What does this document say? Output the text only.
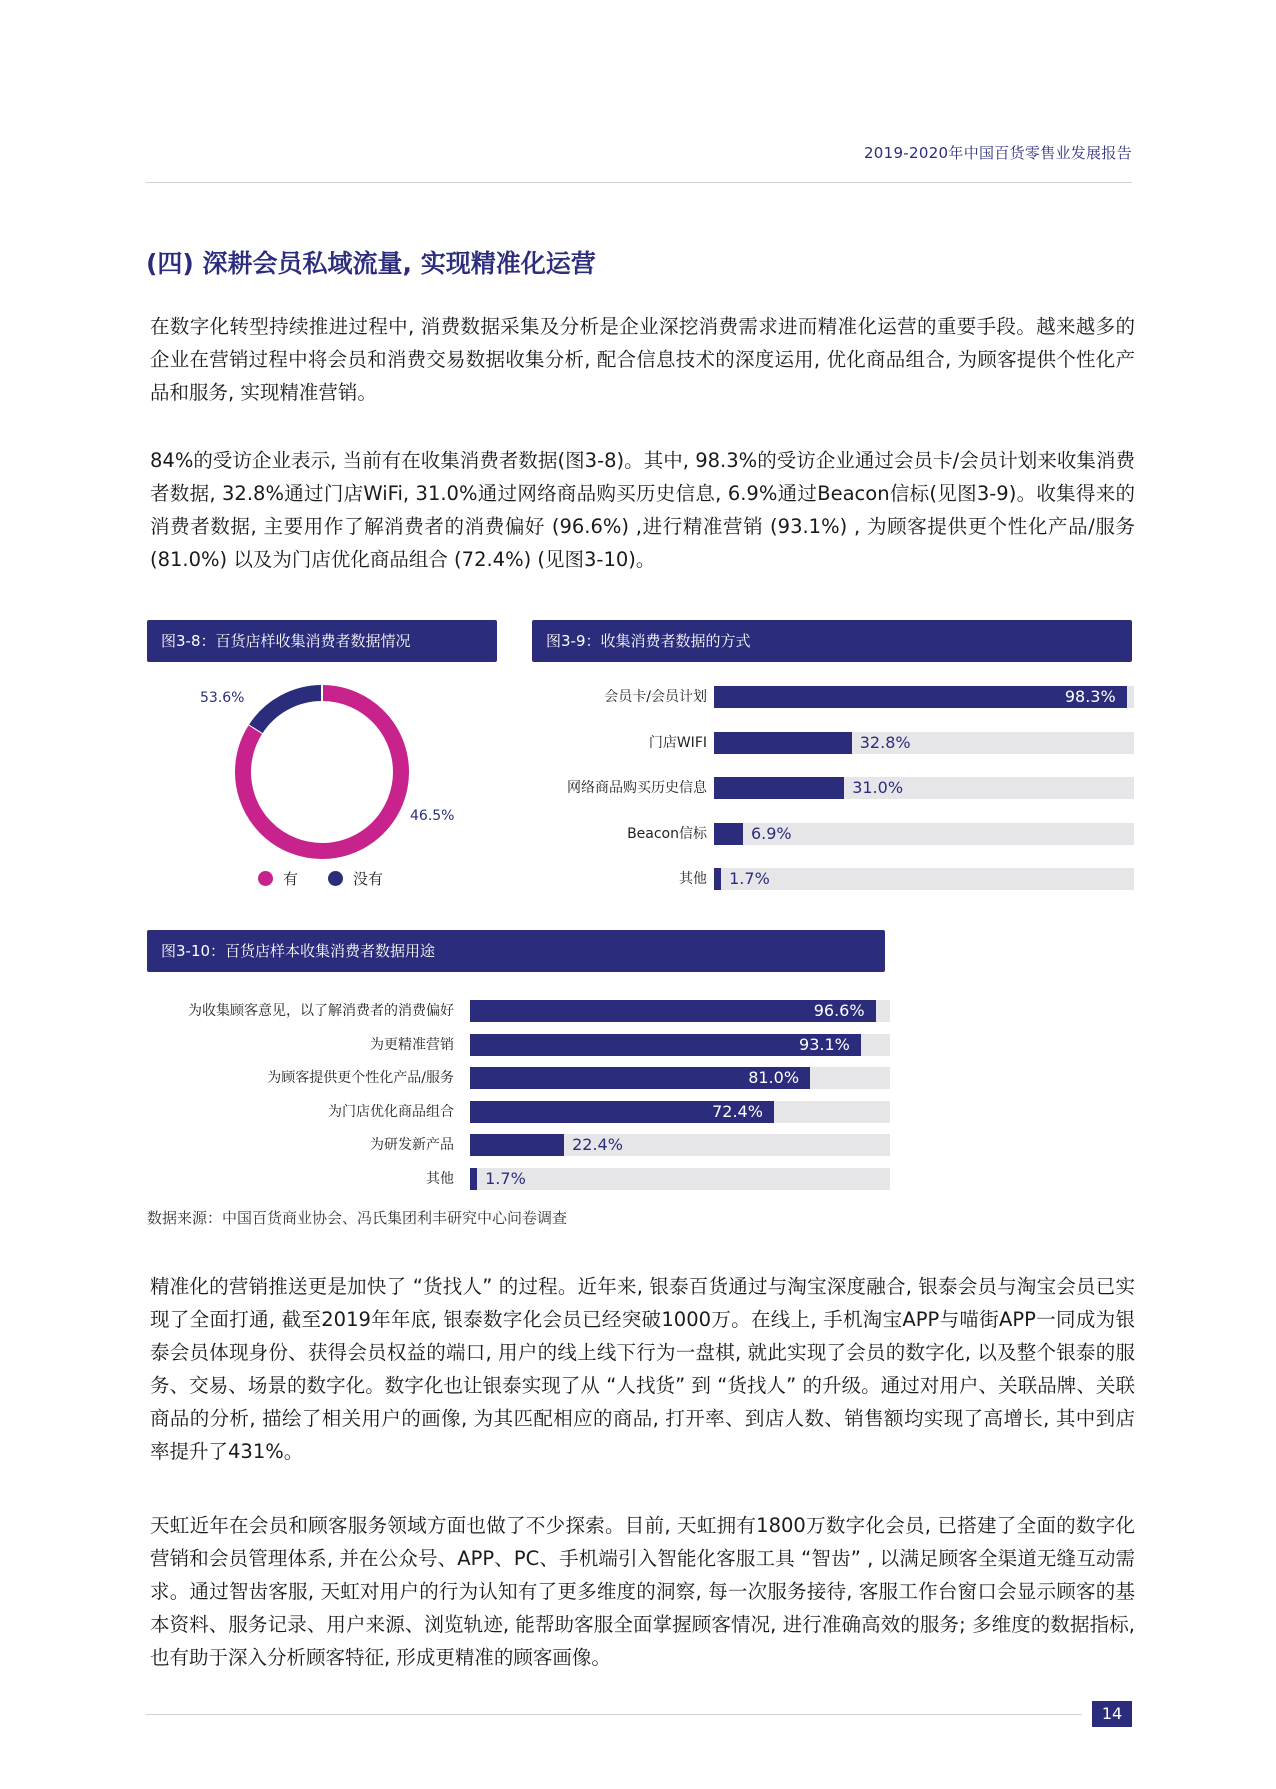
2019-2020年中国百货零售业发展报告
(四) 深耕会员私域流量, 实现精准化运营
在数字化转型持续推进过程中, 消费数据采集及分析是企业深挖消费需求进而精准化运营的重要手段。越来越多的企业在营销过程中将会员和消费交易数据收集分析, 配合信息技术的深度运用, 优化商品组合, 为顾客提供个性化产品和服务, 实现精准营销。
84%的受访企业表示, 当前有在收集消费者数据(图3-8)。其中, 98.3%的受访企业通过会员卡/会员计划来收集消费者数据, 32.8%通过门店WiFi, 31.0%通过网络商品购买历史信息, 6.9%通过Beacon信标(见图3-9)。收集得来的消费者数据, 主要用作了解消费者的消费偏好 (96.6%) ,进行精准营销 (93.1%) , 为顾客提供更个性化产品/服务 (81.0%) 以及为门店优化商品组合 (72.4%) (见图3-10)。
图3-8：百货店样收集消费者数据情况
53.6%
46.5%
有	没有
图3-9：收集消费者数据的方式
会员卡/会员计划	98.3%
门店WIFI	32.8%
网络商品购买历史信息	31.0%
Beacon信标	6.9%
其他 1.7%
图3-10：百货店样本收集消费者数据用途
为收集顾客意见，以了解消费者的消费偏好	96.6%
为更精准营销	93.1%
为顾客提供更个性化产品/服务	81.0%
为门店优化商品组合	72.4%
为研发新产品	22.4%
其他 1.7%
数据来源：中国百货商业协会、冯氏集团利丰研究中心问卷调查
精准化的营销推送更是加快了 “货找人” 的过程。近年来, 银泰百货通过与淘宝深度融合, 银泰会员与淘宝会员已实现了全面打通, 截至2019年年底, 银泰数字化会员已经突破1000万。在线上, 手机淘宝APP与喵街APP一同成为银泰会员体现身份、获得会员权益的端口, 用户的线上线下行为一盘棋, 就此实现了会员的数字化, 以及整个银泰的服务、交易、场景的数字化。数字化也让银泰实现了从 “人找货” 到 “货找人” 的升级。通过对用户、关联品牌、关联商品的分析, 描绘了相关用户的画像, 为其匹配相应的商品, 打开率、到店人数、销售额均实现了高增长, 其中到店率提升了431%。
天虹近年在会员和顾客服务领域方面也做了不少探索。目前, 天虹拥有1800万数字化会员, 已搭建了全面的数字化营销和会员管理体系, 并在公众号、APP、PC、手机端引入智能化客服工具 “智齿” , 以满足顾客全渠道无缝互动需求。通过智齿客服, 天虹对用户的行为认知有了更多维度的洞察, 每一次服务接待, 客服工作台窗口会显示顾客的基本资料、服务记录、用户来源、浏览轨迹, 能帮助客服全面掌握顾客情况, 进行准确高效的服务; 多维度的数据指标, 也有助于深入分析顾客特征, 形成更精准的顾客画像。
14
